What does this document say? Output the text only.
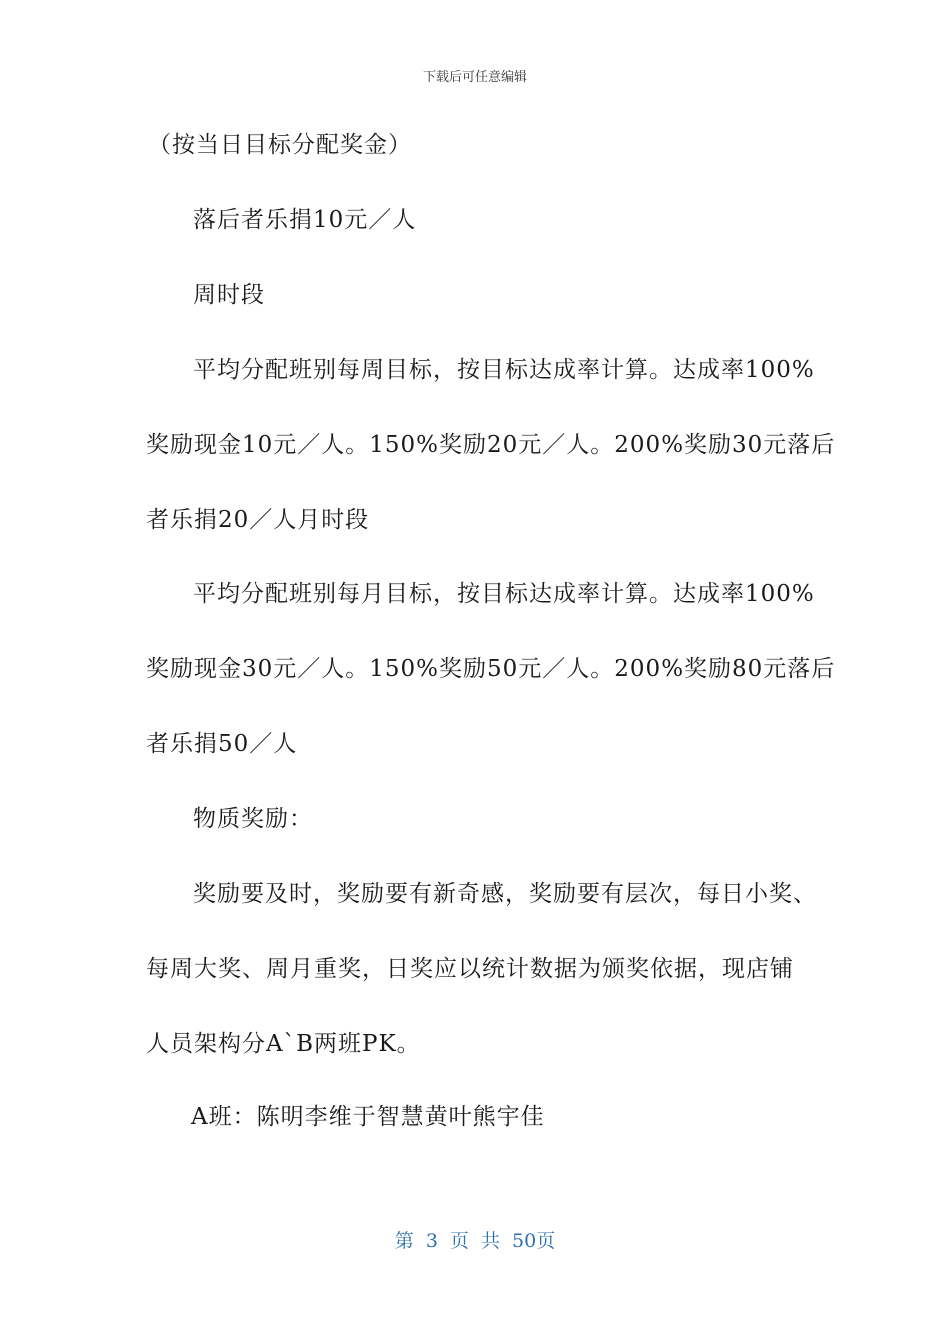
下载后可任意编辑
（按当日目标分配奖金）
落后者乐捐10元／人
周时段
平均分配班别每周目标，按目标达成率计算。达成率100%
奖励现金10元／人。150%奖励20元／人。200%奖励30元落后
者乐捐20／人月时段
平均分配班别每月目标，按目标达成率计算。达成率100%
奖励现金30元／人。150%奖励50元／人。200%奖励80元落后
者乐捐50／人
物质奖励：
奖励要及时，奖励要有新奇感，奖励要有层次，每日小奖、
每周大奖、周月重奖，日奖应以统计数据为颁奖依据，现店铺
人员架构分A`B两班PK。
A班：陈明李维于智慧黄叶熊宇佳
第 3 页 共 50页
